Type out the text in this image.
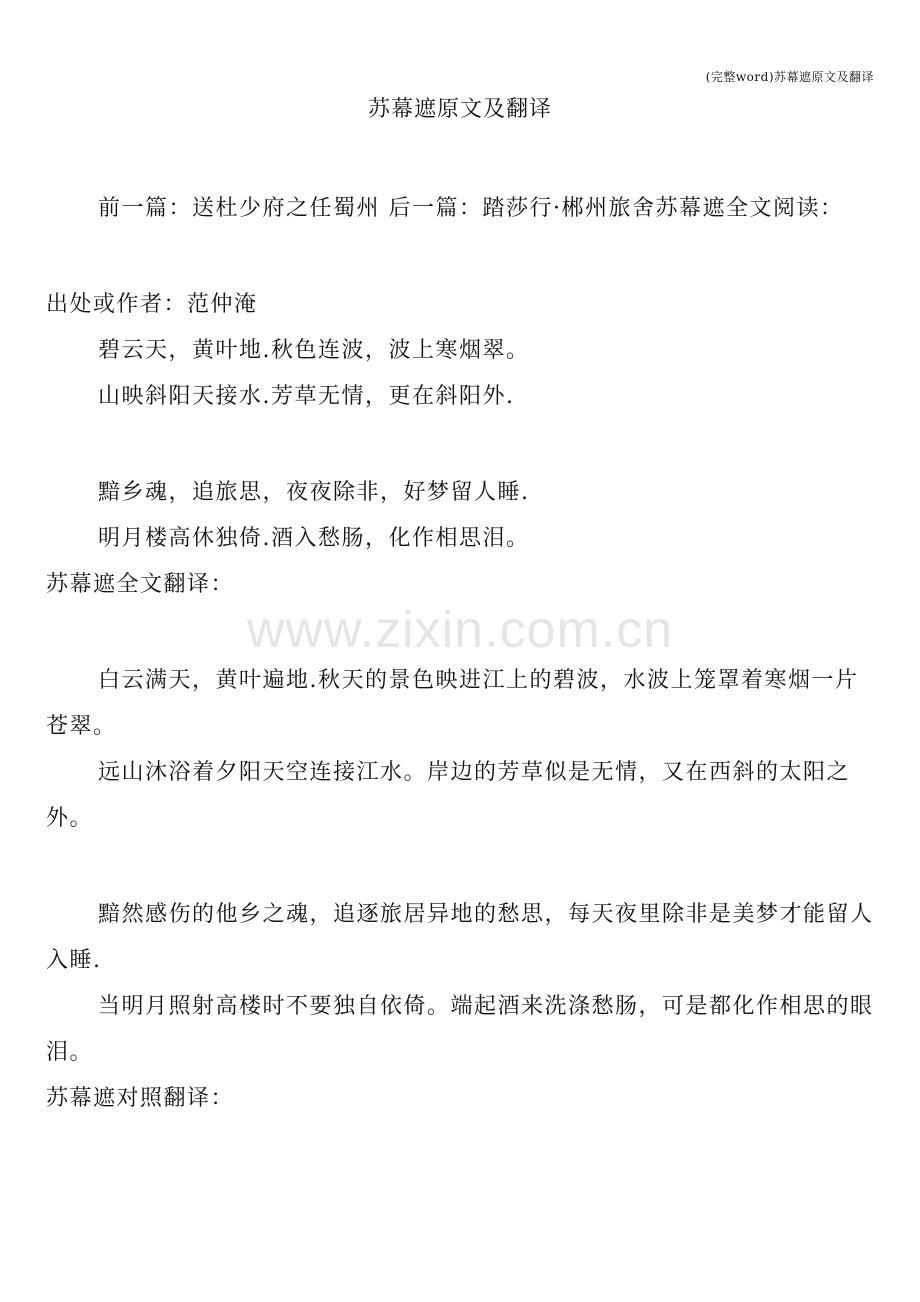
(完整word)苏幕遮原文及翻译
苏幕遮原文及翻译
www.zixin.com.cn

前一篇：送杜少府之任蜀州 后一篇：踏莎行·郴州旅舍苏幕遮全文阅读：

出处或作者：范仲淹

碧云天，黄叶地.秋色连波，波上寒烟翠。

山映斜阳天接水.芳草无情，更在斜阳外.

黯乡魂，追旅思，夜夜除非，好梦留人睡.

明月楼高休独倚.酒入愁肠，化作相思泪。

苏幕遮全文翻译：

白云满天，黄叶遍地.秋天的景色映进江上的碧波，水波上笼罩着寒烟一片苍翠。

远山沐浴着夕阳天空连接江水。岸边的芳草似是无情，又在西斜的太阳之外。

黯然感伤的他乡之魂，追逐旅居异地的愁思，每天夜里除非是美梦才能留人入睡.

当明月照射高楼时不要独自依倚。端起酒来洗涤愁肠，可是都化作相思的眼泪。

苏幕遮对照翻译：
